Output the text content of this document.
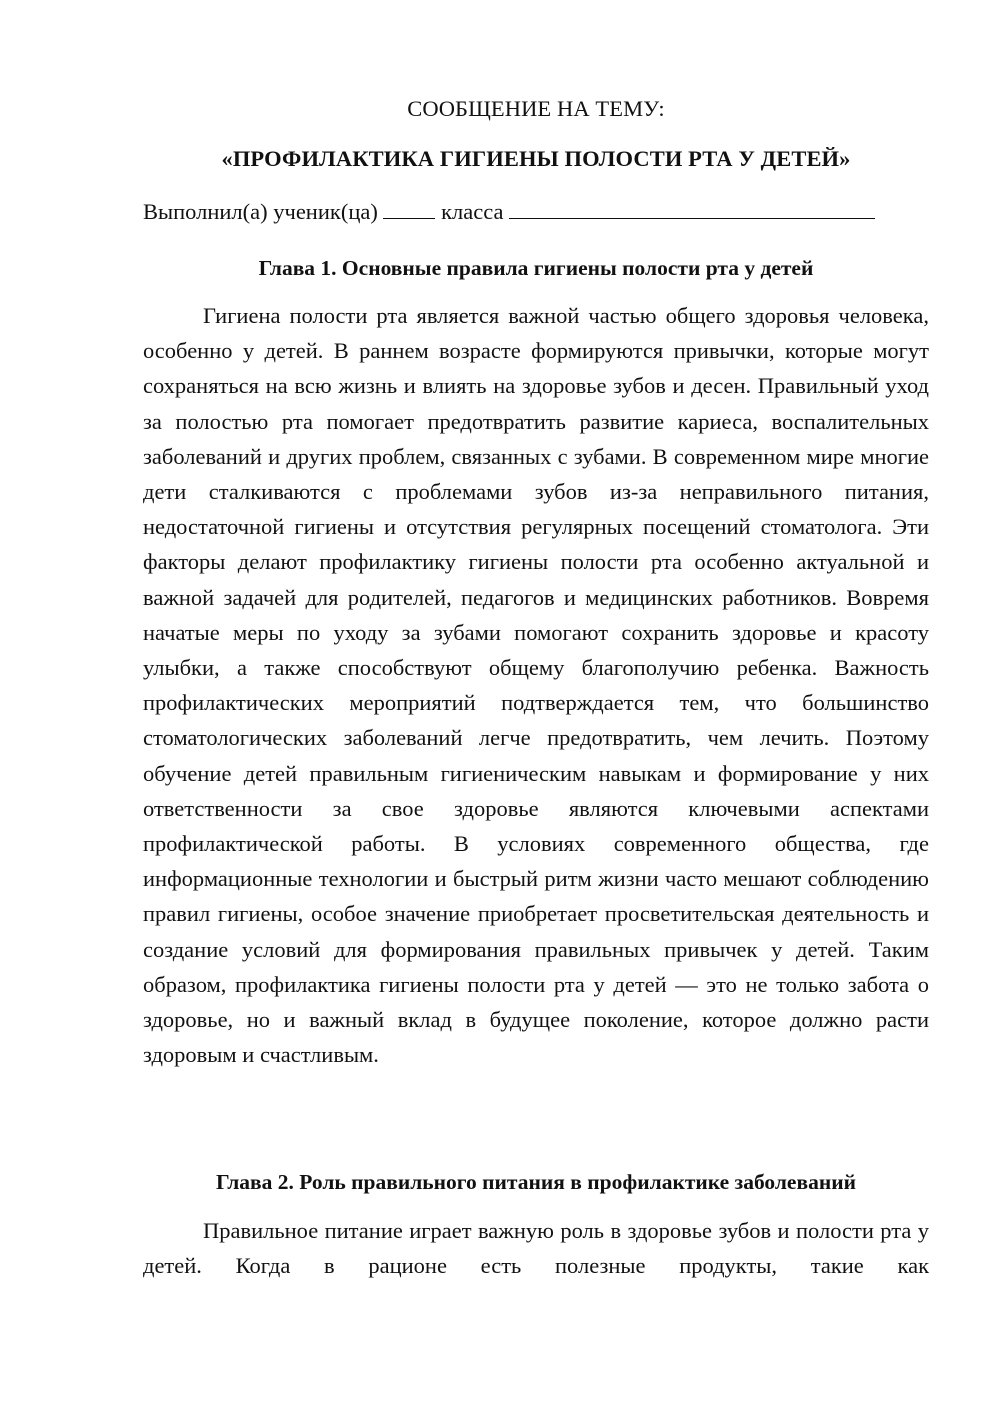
СООБЩЕНИЕ НА ТЕМУ:
«ПРОФИЛАКТИКА ГИГИЕНЫ ПОЛОСТИ РТА У ДЕТЕЙ»
Выполнил(а) ученик(ца)	класса
Глава 1. Основные правила гигиены полости рта у детей

Гигиена полости рта является важной частью общего здоровья человека, особенно у детей. В раннем возрасте формируются привычки, которые могут сохраняться на всю жизнь и влиять на здоровье зубов и десен. Правильный уход за полостью рта помогает предотвратить развитие кариеса, воспалительных заболеваний и других проблем, связанных с зубами. В современном мире многие дети сталкиваются с проблемами зубов из-за неправильного питания, недостаточной гигиены и отсутствия регулярных посещений стоматолога. Эти факторы делают профилактику гигиены полости рта особенно актуальной и важной задачей для родителей, педагогов и медицинских работников. Вовремя начатые меры по уходу за зубами помогают сохранить здоровье и красоту улыбки, а также способствуют общему благополучию ребенка. Важность профилактических мероприятий подтверждается тем, что большинство стоматологических заболеваний легче предотвратить, чем лечить. Поэтому обучение детей правильным гигиеническим навыкам и формирование у них ответственности за свое здоровье являются ключевыми аспектами профилактической работы. В условиях современного общества, где информационные технологии и быстрый ритм жизни часто мешают соблюдению правил гигиены, особое значение приобретает просветительская деятельность и создание условий для формирования правильных привычек у детей. Таким образом, профилактика гигиены полости рта у детей — это не только забота о здоровье, но и важный вклад в будущее поколение, которое должно расти здоровым и счастливым.

Глава 2. Роль правильного питания в профилактике заболеваний

Правильное питание играет важную роль в здоровье зубов и полости рта у детей. Когда в рационе есть полезные продукты, такие как
